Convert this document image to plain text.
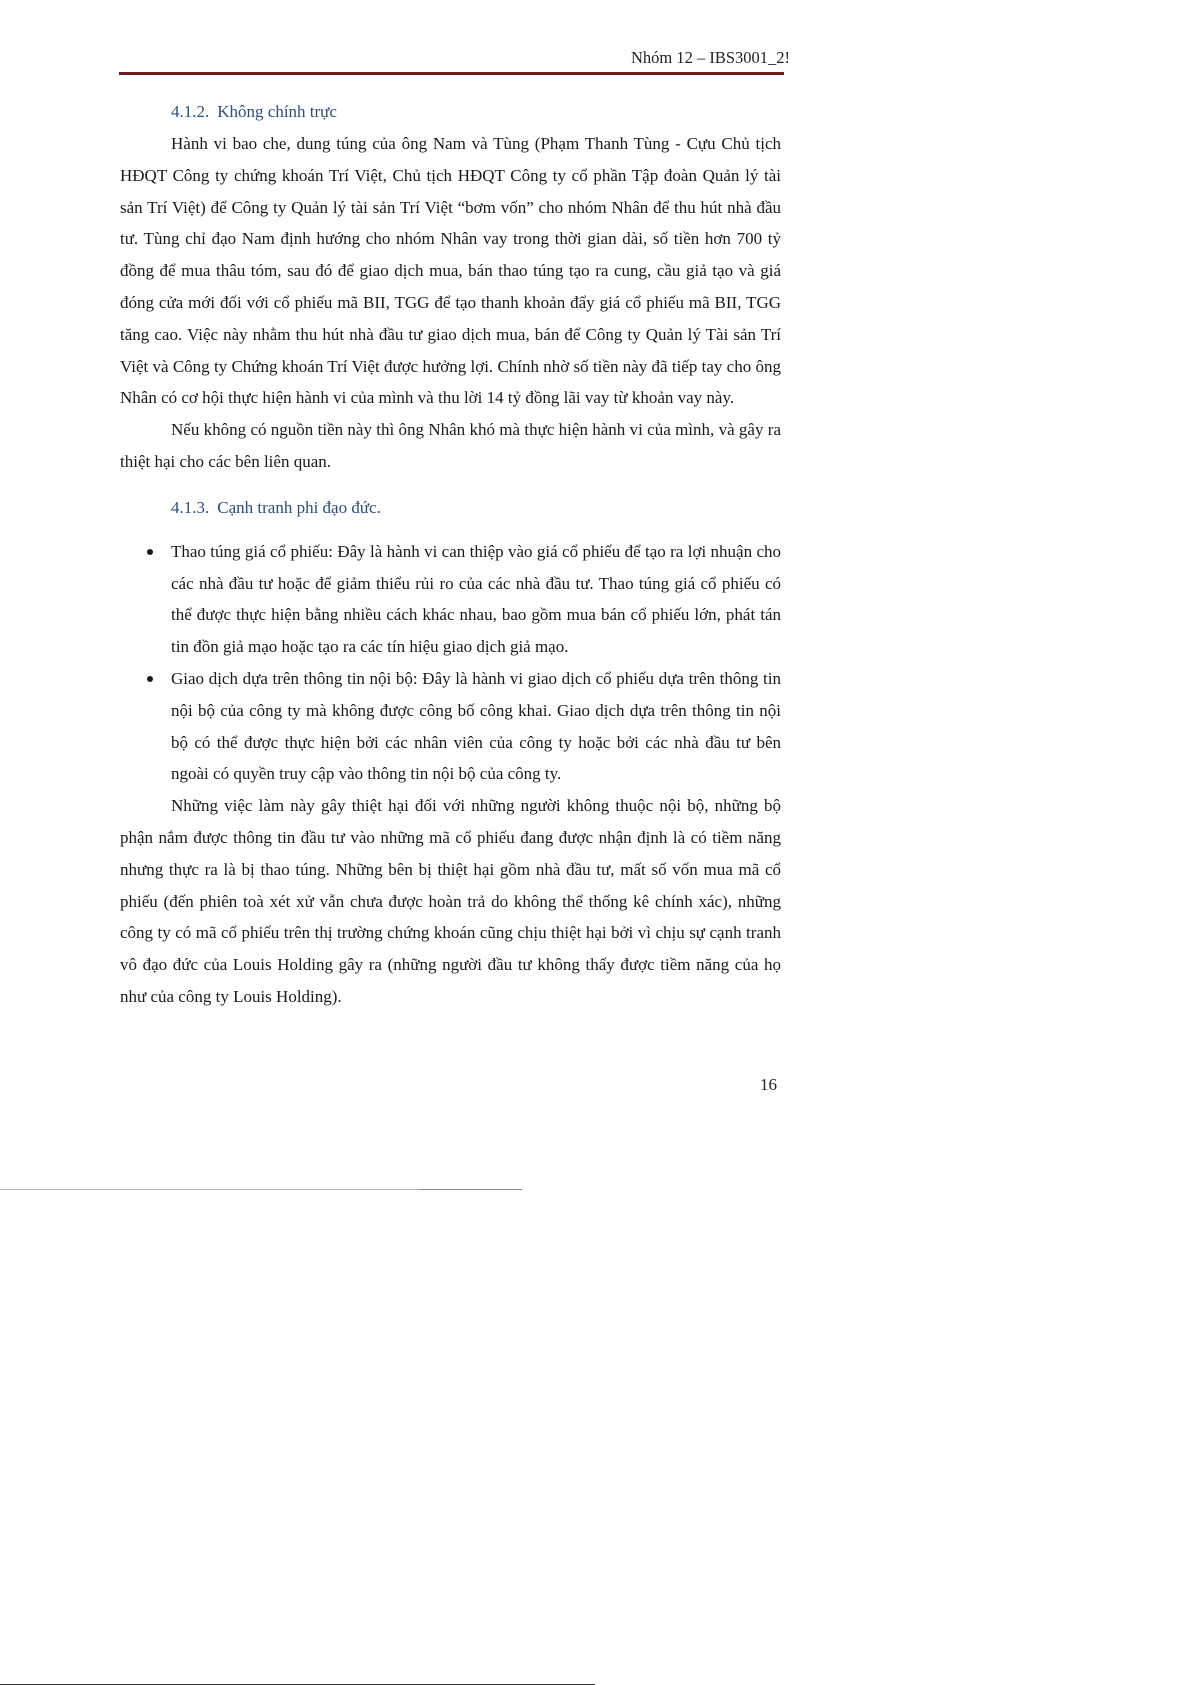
Nhóm 12 – IBS3001_2!

4.1.2. Không chính trực

Hành vi bao che, dung túng của ông Nam và Tùng (Phạm Thanh Tùng - Cựu Chủ tịch HĐQT Công ty chứng khoán Trí Việt, Chủ tịch HĐQT Công ty cổ phần Tập đoàn Quản lý tài sản Trí Việt) để Công ty Quản lý tài sản Trí Việt “bơm vốn” cho nhóm Nhân để thu hút nhà đầu tư. Tùng chỉ đạo Nam định hướng cho nhóm Nhân vay trong thời gian dài, số tiền hơn 700 tỷ đồng để mua thâu tóm, sau đó để giao dịch mua, bán thao túng tạo ra cung, cầu giả tạo và giá đóng cửa mới đối với cổ phiếu mã BII, TGG để tạo thanh khoản đẩy giá cổ phiếu mã BII, TGG tăng cao. Việc này nhằm thu hút nhà đầu tư giao dịch mua, bán để Công ty Quản lý Tài sản Trí Việt và Công ty Chứng khoán Trí Việt được hưởng lợi. Chính nhờ số tiền này đã tiếp tay cho ông Nhân có cơ hội thực hiện hành vi của mình và thu lời 14 tỷ đồng lãi vay từ khoản vay này.

Nếu không có nguồn tiền này thì ông Nhân khó mà thực hiện hành vi của mình, và gây ra thiệt hại cho các bên liên quan.

4.1.3. Cạnh tranh phi đạo đức.

Thao túng giá cổ phiếu: Đây là hành vi can thiệp vào giá cổ phiếu để tạo ra lợi nhuận cho các nhà đầu tư hoặc để giảm thiểu rủi ro của các nhà đầu tư. Thao túng giá cổ phiếu có thể được thực hiện bằng nhiều cách khác nhau, bao gồm mua bán cổ phiếu lớn, phát tán tin đồn giả mạo hoặc tạo ra các tín hiệu giao dịch giả mạo.
Giao dịch dựa trên thông tin nội bộ: Đây là hành vi giao dịch cổ phiếu dựa trên thông tin nội bộ của công ty mà không được công bố công khai. Giao dịch dựa trên thông tin nội bộ có thể được thực hiện bởi các nhân viên của công ty hoặc bởi các nhà đầu tư bên ngoài có quyền truy cập vào thông tin nội bộ của công ty.

Những việc làm này gây thiệt hại đối với những người không thuộc nội bộ, những bộ phận nắm được thông tin đầu tư vào những mã cổ phiếu đang được nhận định là có tiềm năng nhưng thực ra là bị thao túng. Những bên bị thiệt hại gồm nhà đầu tư, mất số vốn mua mã cổ phiếu (đến phiên toà xét xử vẫn chưa được hoàn trả do không thể thống kê chính xác), những công ty có mã cổ phiếu trên thị trường chứng khoán cũng chịu thiệt hại bởi vì chịu sự cạnh tranh vô đạo đức của Louis Holding gây ra (những người đầu tư không thấy được tiềm năng của họ như của công ty Louis Holding).

16
